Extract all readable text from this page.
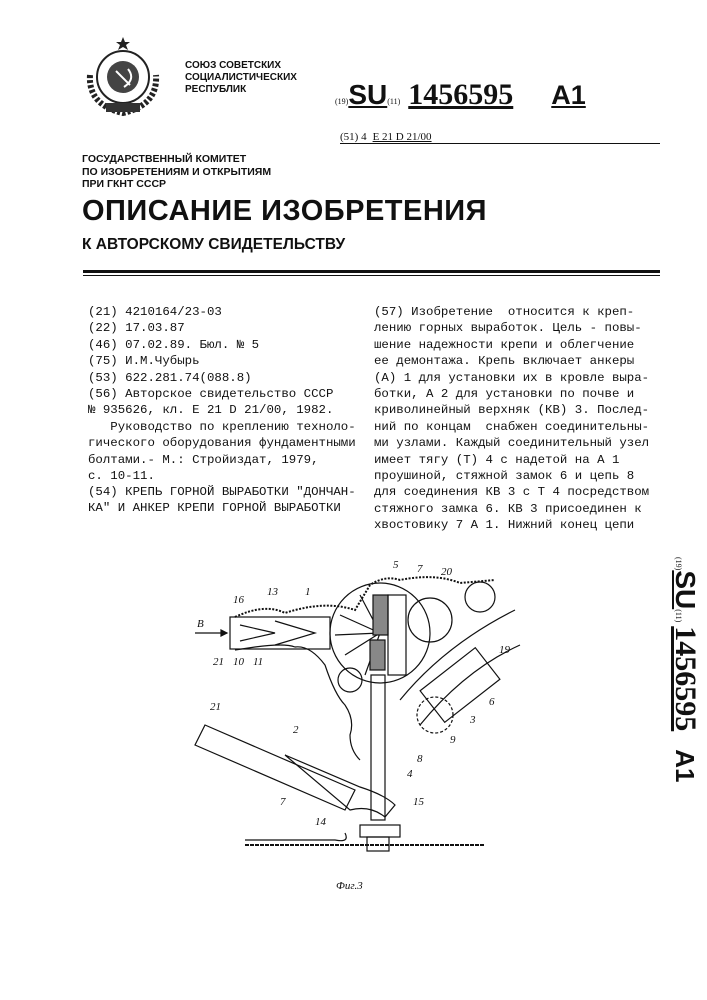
СОЮЗ СОВЕТСКИХ
СОЦИАЛИСТИЧЕСКИХ
РЕСПУБЛИК
(19)SU(11) 1456595 A1
(51) 4 E 21 D 21/00
ГОСУДАРСТВЕННЫЙ КОМИТЕТ
ПО ИЗОБРЕТЕНИЯМ И ОТКРЫТИЯМ
ПРИ ГКНТ СССР
ОПИСАНИЕ ИЗОБРЕТЕНИЯ
К АВТОРСКОМУ СВИДЕТЕЛЬСТВУ
(21) 4210164/23-03
(22) 17.03.87
(46) 07.02.89. Бюл. № 5
(75) И.М.Чубырь
(53) 622.281.74(088.8)
(56) Авторское свидетельство СССР
№ 935626, кл. E 21 D 21/00, 1982.
Руководство по креплению техноло-
гического оборудования фундаментными
болтами.- М.: Стройиздат, 1979,
с. 10-11.
(54) КРЕПЬ ГОРНОЙ ВЫРАБОТКИ "ДОНЧАН-
КА" И АНКЕР КРЕПИ ГОРНОЙ ВЫРАБОТКИ
(57) Изобретение  относится к креп-
лению горных выработок. Цель - повы-
шение надежности крепи и облегчение
ее демонтажа. Крепь включает анкеры
(А) 1 для установки их в кровле выра-
ботки, А 2 для установки по почве и
криволинейный верхняк (КВ) 3. Послед-
ний по концам  снабжен соединительны-
ми узлами. Каждый соединительный узел
имеет тягу (Т) 4 с надетой на А 1
проушиной, стяжной замок 6 и цепь 8
для соединения КВ 3 с Т 4 посредством
стяжного замка 6. КВ 3 присоединен к
хвостовику 7 А 1. Нижний конец цепи
(19)SU(11) 1456595A1
16
13 1
5 7 20
B
21 10 11
19
6
3
9
8
21
2
4
7	15
14
Фиг.3
